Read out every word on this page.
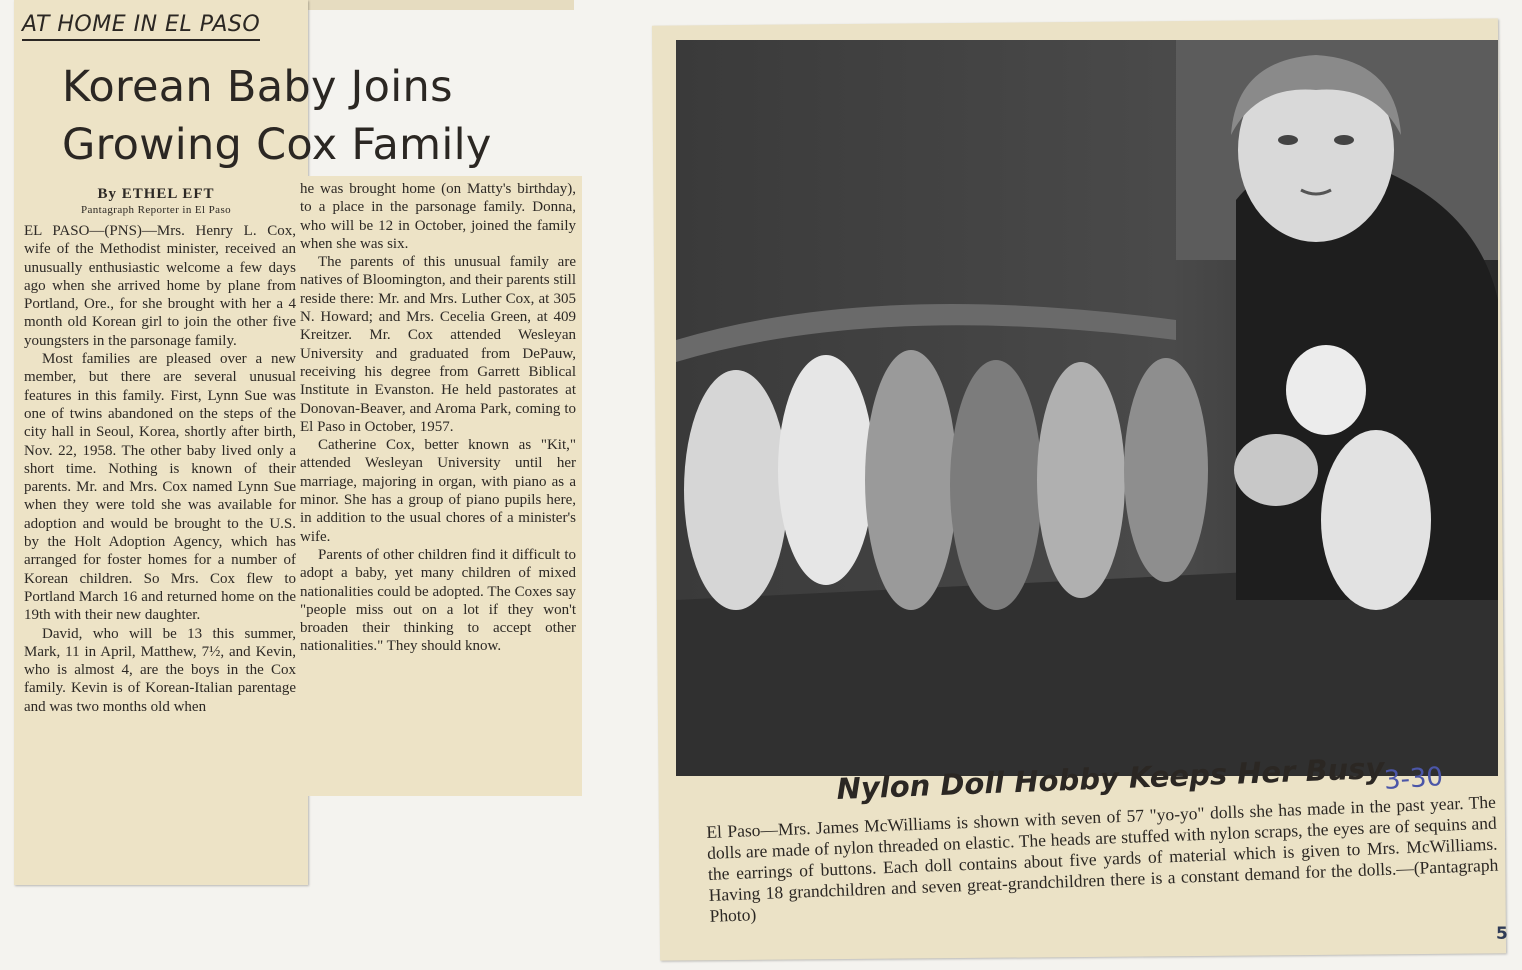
AT HOME IN EL PASO
Korean Baby Joins
Growing Cox Family
By ETHEL EFT
Pantagraph Reporter in El Paso

EL PASO—(PNS)—Mrs. Henry L. Cox, wife of the Methodist minister, received an unusually enthusiastic welcome a few days ago when she arrived home by plane from Portland, Ore., for she brought with her a 4 month old Korean girl to join the other five youngsters in the parsonage family.

Most families are pleased over a new member, but there are several unusual features in this family. First, Lynn Sue was one of twins abandoned on the steps of the city hall in Seoul, Korea, shortly after birth, Nov. 22, 1958. The other baby lived only a short time. Nothing is known of their parents. Mr. and Mrs. Cox named Lynn Sue when they were told she was available for adoption and would be brought to the U.S. by the Holt Adoption Agency, which has arranged for foster homes for a number of Korean children. So Mrs. Cox flew to Portland March 16 and returned home on the 19th with their new daughter.

David, who will be 13 this summer, Mark, 11 in April, Matthew, 7½, and Kevin, who is almost 4, are the boys in the Cox family. Kevin is of Korean-Italian parentage and was two months old when

he was brought home (on Matty's birthday), to a place in the parsonage family. Donna, who will be 12 in October, joined the family when she was six.

The parents of this unusual family are natives of Bloomington, and their parents still reside there: Mr. and Mrs. Luther Cox, at 305 N. Howard; and Mrs. Cecelia Green, at 409 Kreitzer. Mr. Cox attended Wesleyan University and graduated from DePauw, receiving his degree from Garrett Biblical Institute in Evanston. He held pastorates at Donovan-Beaver, and Aroma Park, coming to El Paso in October, 1957.

Catherine Cox, better known as "Kit," attended Wesleyan University until her marriage, majoring in organ, with piano as a minor. She has a group of piano pupils here, in addition to the usual chores of a minister's wife.

Parents of other children find it difficult to adopt a baby, yet many children of mixed nationalities could be adopted. The Coxes say "people miss out on a lot if they won't broaden their thinking to accept other nationalities." They should know.

Nylon Doll Hobby Keeps Her Busy
3-30
El Paso—Mrs. James McWilliams is shown with seven of 57 "yo-yo" dolls she has made in the past year. The dolls are made of nylon threaded on elastic. The heads are stuffed with nylon scraps, the eyes are of sequins and the earrings of buttons. Each doll contains about five yards of material which is given to Mrs. McWilliams. Having 18 grandchildren and seven great-grandchildren there is a constant demand for the dolls.—(Pantagraph Photo)
5
